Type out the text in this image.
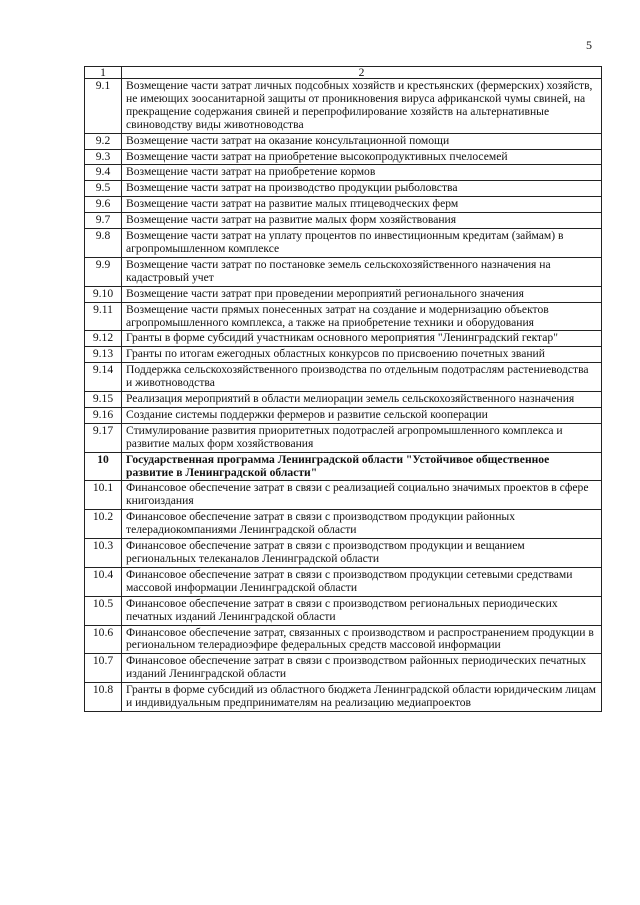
5
1	2
9.1	Возмещение части затрат личных подсобных хозяйств и крестьянских (фермерских) хозяйств, не имеющих зоосанитарной защиты от проникновения вируса африканской чумы свиней, на прекращение содержания свиней и перепрофилирование хозяйств на альтернативные свиноводству виды животноводства
9.2	Возмещение части затрат на оказание консультационной помощи
9.3	Возмещение части затрат на приобретение высокопродуктивных пчелосемей
9.4	Возмещение части затрат на приобретение кормов
9.5	Возмещение части затрат на производство продукции рыболовства
9.6	Возмещение части затрат на развитие малых птицеводческих ферм
9.7	Возмещение части затрат на развитие малых форм хозяйствования
9.8	Возмещение части затрат на уплату процентов по инвестиционным кредитам (займам) в агропромышленном комплексе
9.9	Возмещение части затрат по постановке земель сельскохозяйственного назначения на кадастровый учет
9.10	Возмещение части затрат при проведении мероприятий регионального значения
9.11	Возмещение части прямых понесенных затрат на создание и модернизацию объектов агропромышленного комплекса, а также на приобретение техники и оборудования
9.12	Гранты в форме субсидий участникам основного мероприятия "Ленинградский гектар"
9.13	Гранты по итогам ежегодных областных конкурсов по присвоению почетных званий
9.14	Поддержка сельскохозяйственного производства по отдельным подотраслям растениеводства и животноводства
9.15	Реализация мероприятий в области мелиорации земель сельскохозяйственного назначения
9.16	Создание системы поддержки фермеров и развитие сельской кооперации
9.17	Стимулирование развития приоритетных подотраслей агропромышленного комплекса и развитие малых форм хозяйствования
10	Государственная программа Ленинградской области "Устойчивое общественное развитие в Ленинградской области"
10.1	Финансовое обеспечение затрат в связи с реализацией социально значимых проектов в сфере книгоиздания
10.2	Финансовое обеспечение затрат в связи с производством продукции районных телерадиокомпаниями Ленинградской области
10.3	Финансовое обеспечение затрат в связи с производством продукции и вещанием региональных телеканалов Ленинградской области
10.4	Финансовое обеспечение затрат в связи с производством продукции сетевыми средствами массовой информации Ленинградской области
10.5	Финансовое обеспечение затрат в связи с производством региональных периодических печатных изданий Ленинградской области
10.6	Финансовое обеспечение затрат, связанных с производством и распространением продукции в региональном телерадиоэфире федеральных средств массовой информации
10.7	Финансовое обеспечение затрат в связи с производством районных периодических печатных изданий Ленинградской области
10.8	Гранты в форме субсидий из областного бюджета Ленинградской области юридическим лицам и индивидуальным предпринимателям на реализацию медиапроектов
